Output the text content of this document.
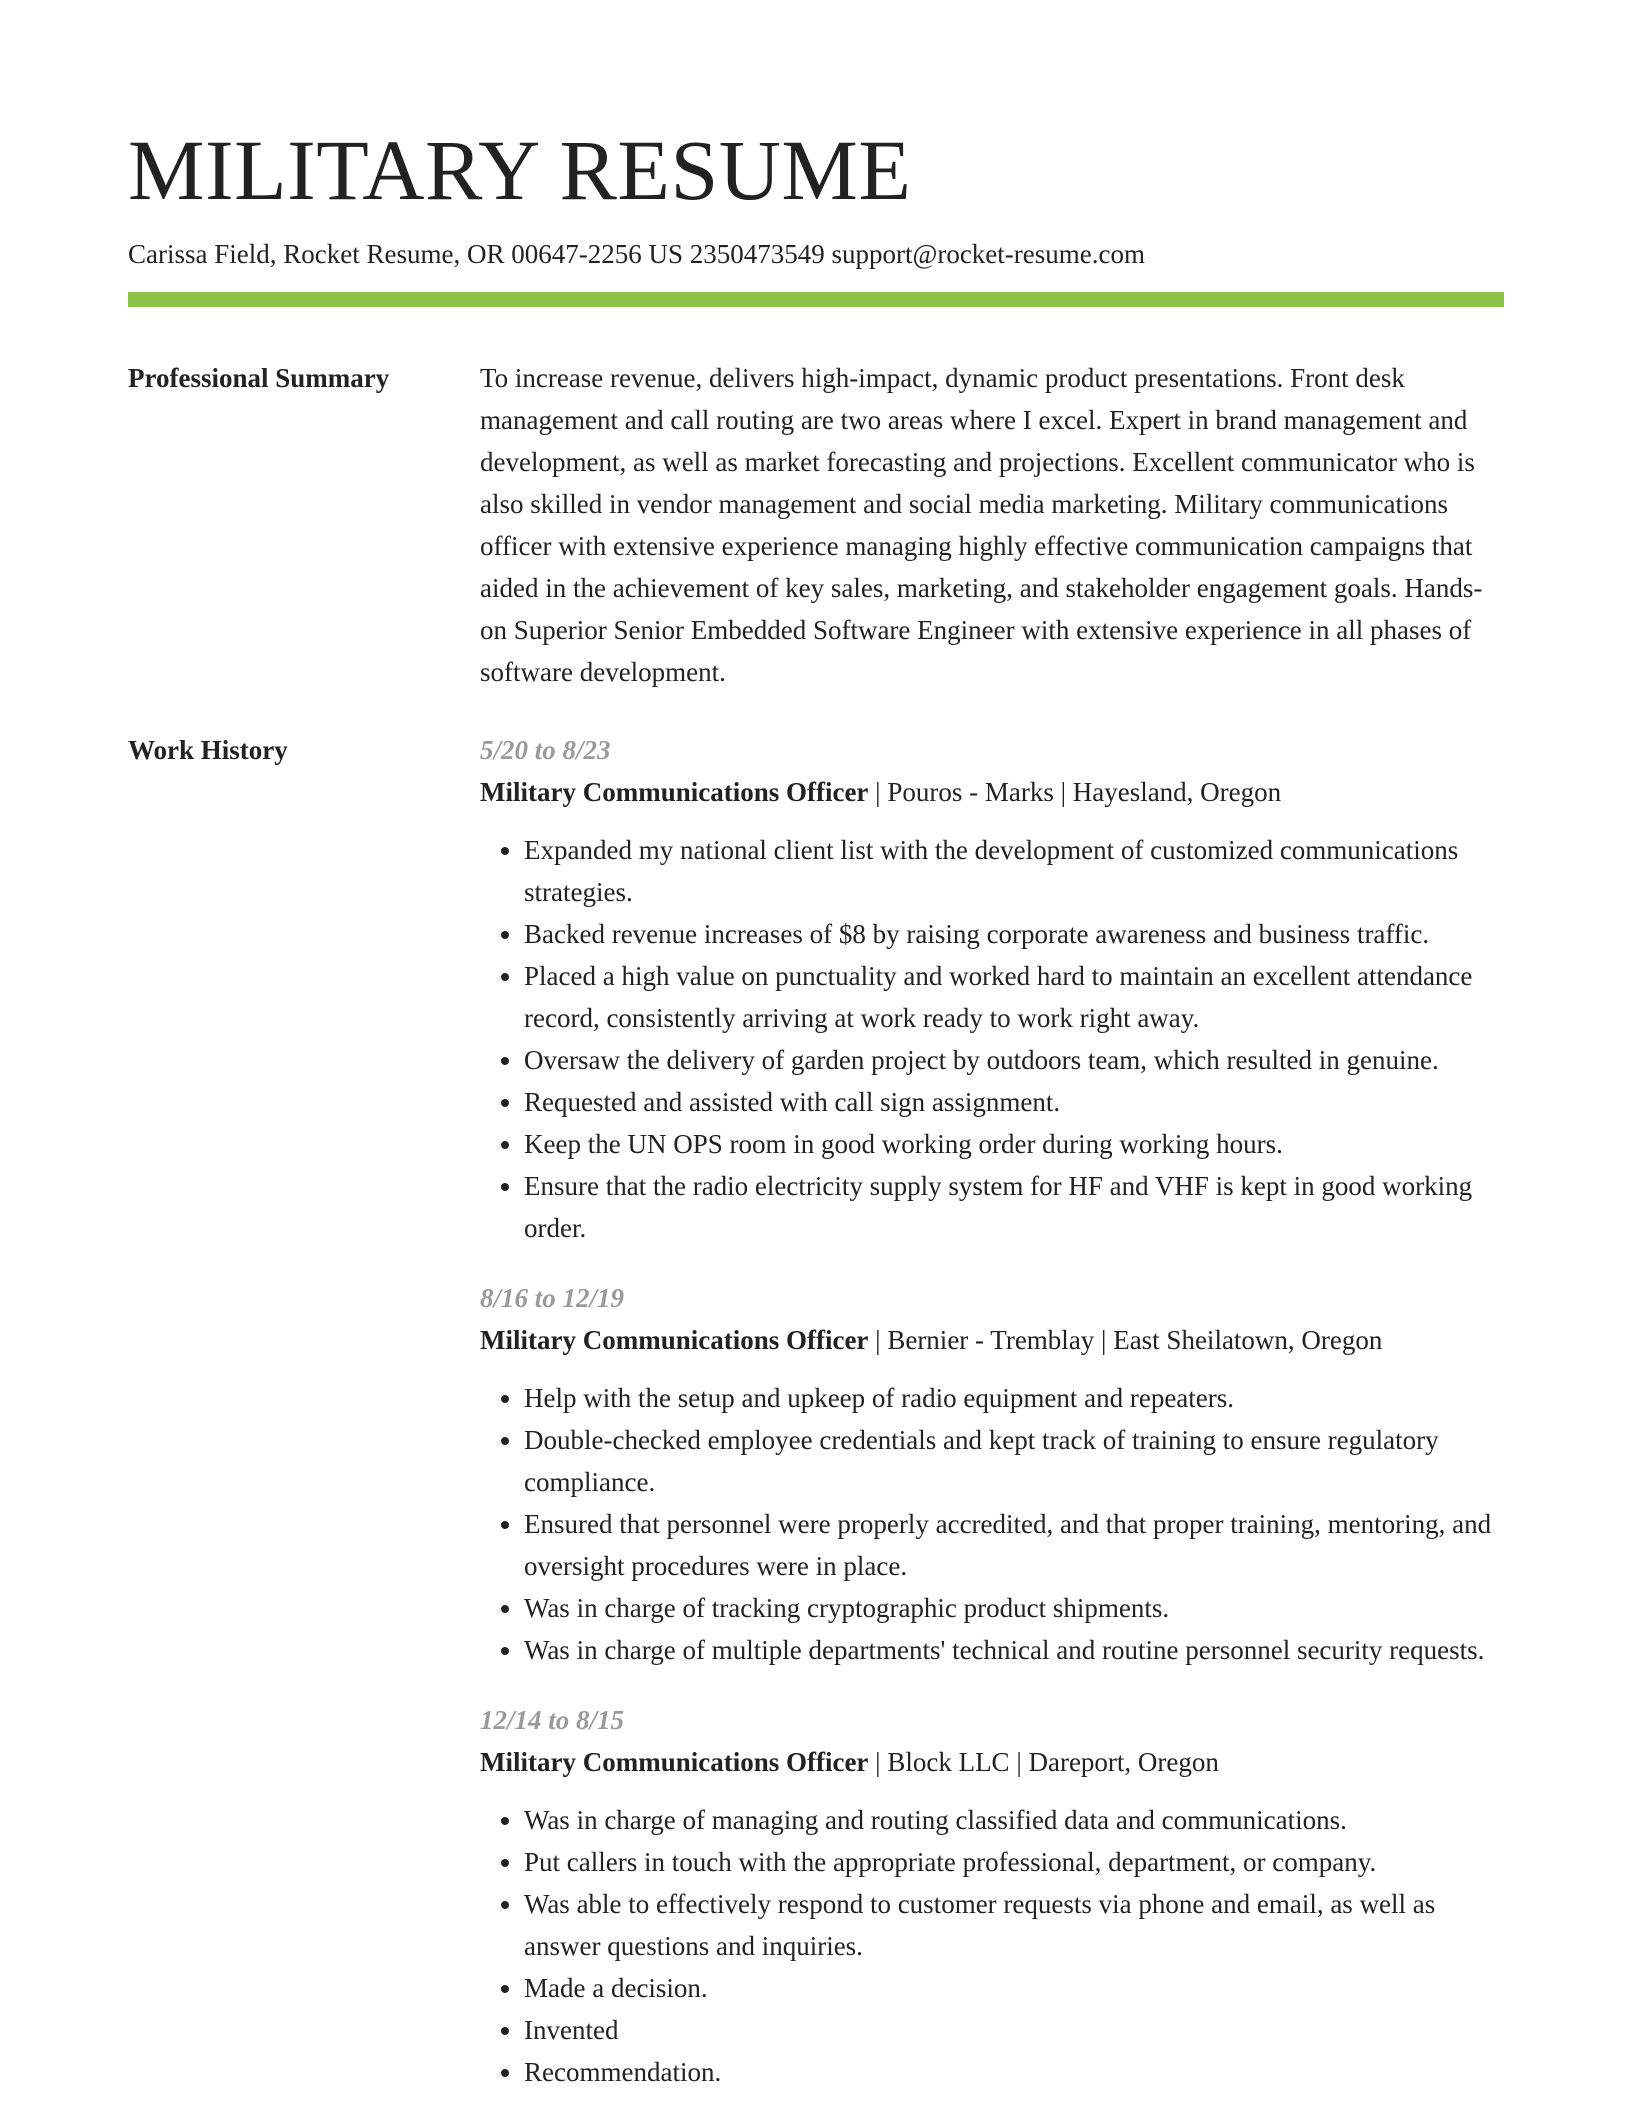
MILITARY RESUME
Carissa Field, Rocket Resume, OR 00647-2256 US 2350473549 support@rocket-resume.com
Professional Summary	To increase revenue, delivers high-impact, dynamic product presentations. Front desk management and call routing are two areas where I excel. Expert in brand management and development, as well as market forecasting and projections. Excellent communicator who is also skilled in vendor management and social media marketing. Military communications officer with extensive experience managing highly effective communication campaigns that aided in the achievement of key sales, marketing, and stakeholder engagement goals. Hands-on Superior Senior Embedded Software Engineer with extensive experience in all phases of software development.

Work History	5/20 to 8/23
Military Communications Officer | Pouros - Marks | Hayesland, Oregon
• Expanded my national client list with the development of customized communications strategies.
• Backed revenue increases of $8 by raising corporate awareness and business traffic.
• Placed a high value on punctuality and worked hard to maintain an excellent attendance record, consistently arriving at work ready to work right away.
• Oversaw the delivery of garden project by outdoors team, which resulted in genuine.
• Requested and assisted with call sign assignment.
• Keep the UN OPS room in good working order during working hours.
• Ensure that the radio electricity supply system for HF and VHF is kept in good working order.
8/16 to 12/19
Military Communications Officer | Bernier - Tremblay | East Sheilatown, Oregon
• Help with the setup and upkeep of radio equipment and repeaters.
• Double-checked employee credentials and kept track of training to ensure regulatory compliance.
• Ensured that personnel were properly accredited, and that proper training, mentoring, and oversight procedures were in place.
• Was in charge of tracking cryptographic product shipments.
• Was in charge of multiple departments' technical and routine personnel security requests.
12/14 to 8/15
Military Communications Officer | Block LLC | Dareport, Oregon
• Was in charge of managing and routing classified data and communications.
• Put callers in touch with the appropriate professional, department, or company.
• Was able to effectively respond to customer requests via phone and email, as well as answer questions and inquiries.
• Made a decision.
• Invented
• Recommendation.
